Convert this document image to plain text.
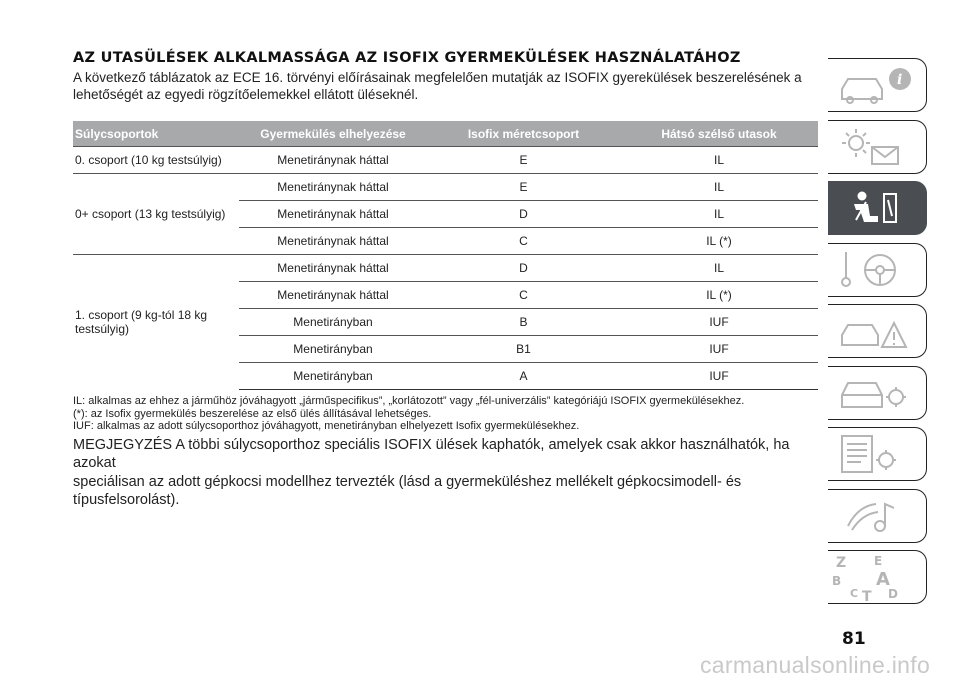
AZ UTASÜLÉSEK ALKALMASSÁGA AZ ISOFIX GYERMEKÜLÉSEK HASZNÁLATÁHOZ

A következő táblázatok az ECE 16. törvényi előírásainak megfelelően mutatják az ISOFIX gyerekülések beszerelésének a
lehetőségét az egyedi rögzítőelemekkel ellátott üléseknél.

Súlycsoportok	Gyermekülés elhelyezése	Isofix méretcsoport	Hátsó szélső utasok
0. csoport (10 kg testsúlyig)	Menetiránynak háttal	E	IL
0+ csoport (13 kg testsúlyig)	Menetiránynak háttal	E	IL
	Menetiránynak háttal	D	IL
	Menetiránynak háttal	C	IL (*)
1. csoport (9 kg-tól 18 kg
testsúlyig)	Menetiránynak háttal	D	IL
	Menetiránynak háttal	C	IL (*)
	Menetirányban	B	IUF
	Menetirányban	B1	IUF
	Menetirányban	A	IUF
IL: alkalmas az ehhez a járműhöz jóváhagyott „járműspecifikus”, „korlátozott” vagy „fél-univerzális” kategóriájú ISOFIX gyermekülésekhez.
(*): az Isofix gyermekülés beszerelése az első ülés állításával lehetséges.
IUF: alkalmas az adott súlycsoporthoz jóváhagyott, menetirányban elhelyezett Isofix gyermekülésekhez.
MEGJEGYZÉS A többi súlycsoporthoz speciális ISOFIX ülések kaphatók, amelyek csak akkor használhatók, ha azokat
speciálisan az adott gépkocsi modellhez tervezték (lásd a gyermeküléshez mellékelt gépkocsimodell- és típusfelsorolást).
i
Z E
B A
C T D
81
carmanualsonline.info
